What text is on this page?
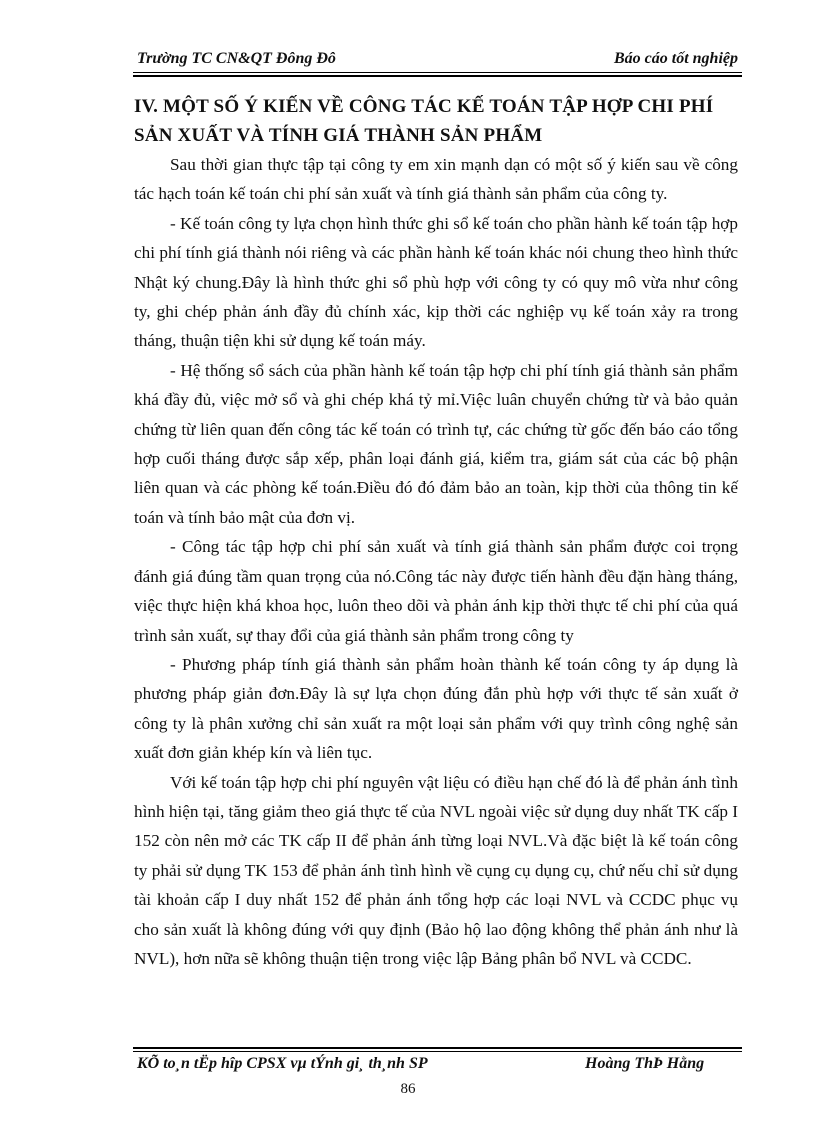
Trường TC CN&QT Đông Đô	Báo cáo tốt nghiệp

IV. MỘT SỐ Ý KIẾN VỀ CÔNG TÁC KẾ TOÁN TẬP HỢP CHI PHÍ
SẢN XUẤT VÀ TÍNH GIÁ THÀNH SẢN PHẨM

Sau thời gian thực tập tại công ty em xin mạnh dạn có một số ý kiến sau về công tác hạch toán kế toán chi phí sản xuất và tính giá thành sản phẩm của công ty.

- Kế toán công ty lựa chọn hình thức ghi sổ kế toán cho phần hành kế toán tập hợp chi phí tính giá thành nói riêng và các phần hành kế toán khác nói chung theo hình thức Nhật ký chung.Đây là hình thức ghi sổ phù hợp với công ty có quy mô vừa như công ty, ghi chép phản ánh đầy đủ chính xác, kịp thời các nghiệp vụ kế toán xảy ra trong tháng, thuận tiện khi sử dụng kế toán máy.

- Hệ thống sổ sách của phần hành kế toán tập hợp chi phí tính giá thành sản phẩm khá đầy đủ, việc mở sổ và ghi chép khá tỷ mỉ.Việc luân chuyển chứng từ và bảo quản chứng từ liên quan đến công tác kế toán có trình tự, các chứng từ gốc đến báo cáo tổng hợp cuối tháng được sắp xếp, phân loại đánh giá, kiểm tra, giám sát của các bộ phận liên quan và các phòng kế toán.Điều đó đó đảm bảo an toàn, kịp thời của thông tin kế toán và tính bảo mật của đơn vị.

- Công tác tập hợp chi phí sản xuất và tính giá thành sản phẩm được coi trọng đánh giá đúng tầm quan trọng của nó.Công tác này được tiến hành đều đặn hàng tháng, việc thực hiện khá khoa học, luôn theo dõi và phản ánh kịp thời thực tế chi phí của quá trình sản xuất, sự thay đổi của giá thành sản phẩm trong công ty

- Phương pháp tính giá thành sản phẩm hoàn thành kế toán công ty áp dụng là phương pháp giản đơn.Đây là sự lựa chọn đúng đắn phù hợp với thực tế sản xuất ở công ty là phân xưởng chỉ sản xuất ra một loại sản phẩm với quy trình công nghệ sản xuất đơn giản khép kín và liên tục.

Với kế toán tập hợp chi phí nguyên vật liệu có điều hạn chế đó là để phản ánh tình hình hiện tại, tăng giảm theo giá thực tế của NVL ngoài việc sử dụng duy nhất TK cấp I 152 còn nên mở các TK cấp II để phản ánh từng loại NVL.Và đặc biệt là kế toán công ty phải sử dụng TK 153 để phản ánh tình hình về cụng cụ dụng cụ, chứ nếu chỉ sử dụng tài khoản cấp I duy nhất 152 để phản ánh tổng hợp các loại NVL và CCDC phục vụ cho sản xuất là không đúng với quy định (Bảo hộ lao động không thể phản ánh như là NVL), hơn nữa sẽ không thuận tiện trong việc lập Bảng phân bổ NVL và CCDC.

KÕ to¸n tËp hîp CPSX vµ tÝnh gi¸ th¸nh SP	Hoàng ThÞ Hằng
86
